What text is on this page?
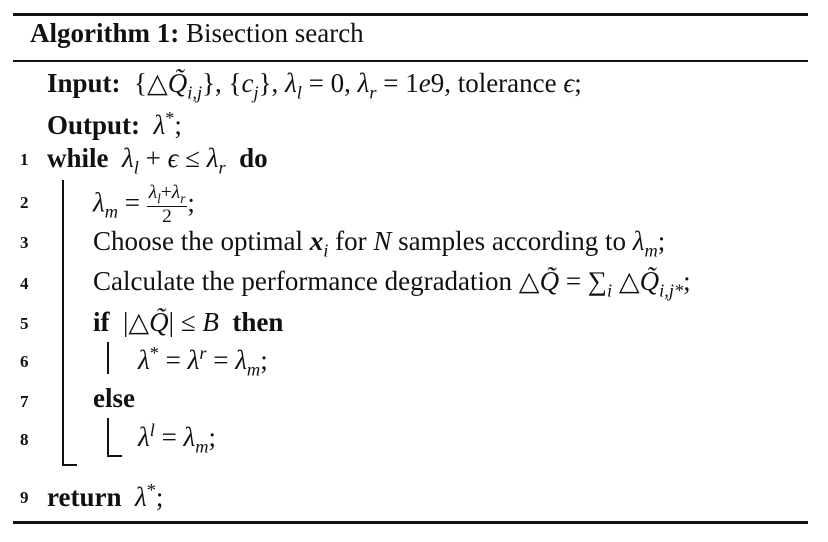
Algorithm 1: Bisection search
Input:  $\{\triangle Q̃_{i,j}\}$, $\{c_j\}$, $\lambda_l = 0$, $\lambda_r = 1e9$, tolerance ϵ;
Output: λ*;
1 while $\lambda_l + \epsilon \le \lambda_r$ do
2 $\lambda_m = \frac{\lambda_l+\lambda_r}{2}$ ;
3 Choose the optimal $x_i$ for N samples according to $\lambda_m$;
4 Calculate the performance degradation △Q̃ = $\sum_i$ $\triangle Q̃_{i,j*}$;
5 if  |△Q̃| ≤ B then
6	$\lambda^* = \lambda^r = \lambda_m$;
7 else
8	$\lambda^l = \lambda_m$;
9 return λ*;
